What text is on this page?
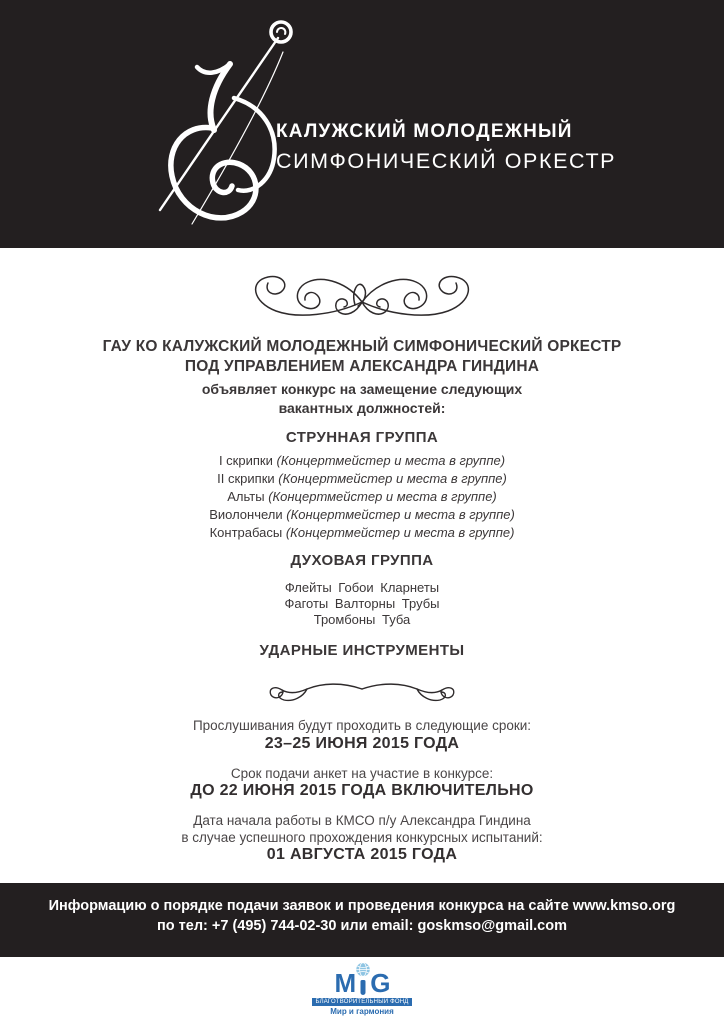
КАЛУЖСКИЙ МОЛОДЕЖНЫЙ
СИМФОНИЧЕСКИЙ ОРКЕСТР
ГАУ КО КАЛУЖСКИЙ МОЛОДЕЖНЫЙ СИМФОНИЧЕСКИЙ ОРКЕСТР
ПОД УПРАВЛЕНИЕМ АЛЕКСАНДРА ГИНДИНА
объявляет конкурс на замещение следующих
вакантных должностей:
СТРУННАЯ ГРУППА
I скрипки (Концертмейстер и места в группе)
II скрипки (Концертмейстер и места в группе)
Альты (Концертмейстер и места в группе)
Виолончели (Концертмейстер и места в группе)
Контрабасы (Концертмейстер и места в группе)
ДУХОВАЯ ГРУППА
Флейты Гобои Кларнеты
Фаготы Валторны Трубы
Тромбоны Туба
УДАРНЫЕ ИНСТРУМЕНТЫ
Прослушивания будут проходить в следующие сроки:
23–25 ИЮНЯ 2015 ГОДА
Срок подачи анкет на участие в конкурсе:
ДО 22 ИЮНЯ 2015 ГОДА ВКЛЮЧИТЕЛЬНО
Дата начала работы в КМСО п/у Александра Гиндина
в случае успешного прохождения конкурсных испытаний:
01 АВГУСТА 2015 ГОДА
Информацию о порядке подачи заявок и проведения конкурса на сайте www.kmso.org
по тел: +7 (495) 744-02-30 или email: goskmso@gmail.com
M G
БЛАГОТВОРИТЕЛЬНЫЙ ФОНД
Мир и гармония
